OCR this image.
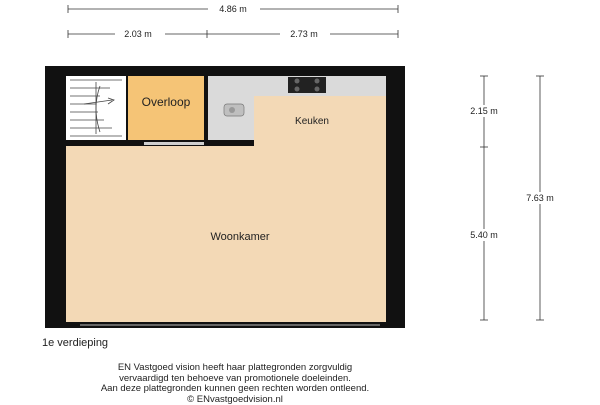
4.86 m
2.03 m	2.73 m
Overloop
Keuken
Woonkamer
2.15 m
5.40 m
7.63 m
1e verdieping
EN Vastgoed vision heeft haar plattegronden zorgvuldig
vervaardigd ten behoeve van promotionele doeleinden.
Aan deze plattegronden kunnen geen rechten worden ontleend.
© ENvastgoedvision.nl
